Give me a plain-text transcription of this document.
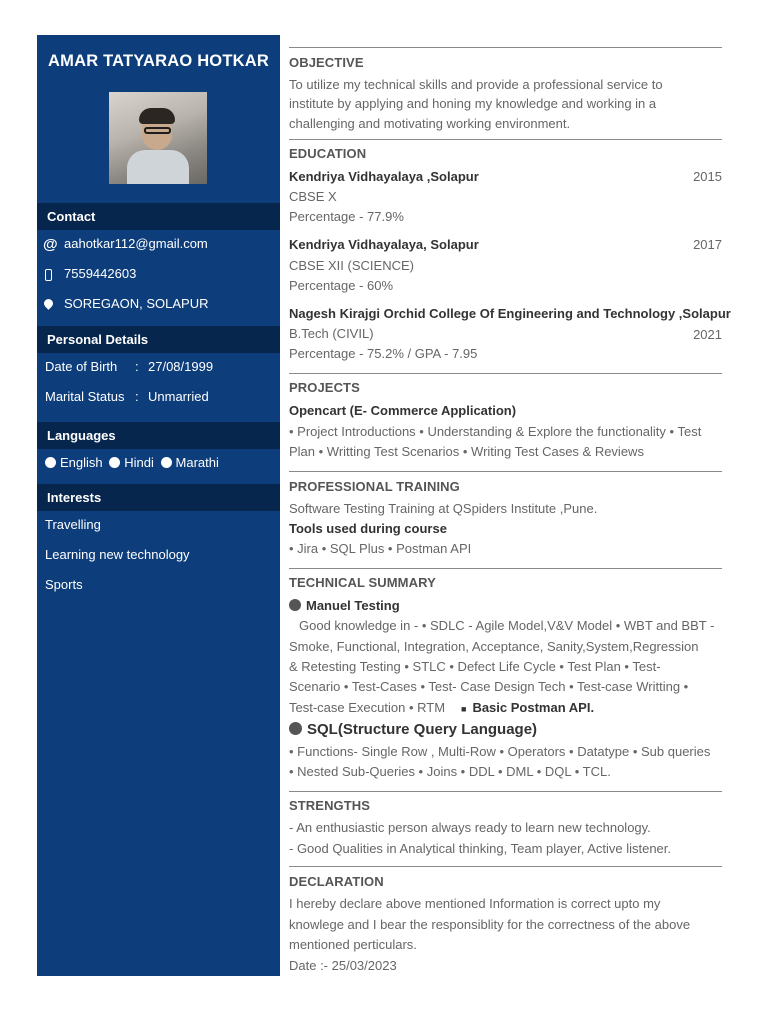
AMAR TATYARAO HOTKAR
Contact
@ aahotkar112@gmail.com
7559442603
SOREGAON, SOLAPUR
Personal Details
Date of Birth : 27/08/1999
Marital Status : Unmarried
Languages
English Hindi Marathi
Interests
Travelling
Learning new technology
Sports
OBJECTIVE
To utilize my technical skills and provide a professional service to
institute by applying and honing my knowledge and working in a
challenging and motivating working environment.
EDUCATION
Kendriya Vidhayalaya ,Solapur	2015
CBSE X
Percentage - 77.9%
Kendriya Vidhayalaya, Solapur	2017
CBSE XII (SCIENCE)
Percentage - 60%
Nagesh Kirajgi Orchid College Of Engineering and Technology ,Solapur
B.Tech (CIVIL)	2021
Percentage - 75.2% / GPA - 7.95
PROJECTS
Opencart (E- Commerce Application)
• Project Introductions • Understanding & Explore the functionality • Test
Plan • Writting Test Scenarios • Writing Test Cases & Reviews
PROFESSIONAL TRAINING
Software Testing Training at QSpiders Institute ,Pune.
Tools used during course
• Jira • SQL Plus • Postman API
TECHNICAL SUMMARY
Manuel Testing
Good knowledge in - • SDLC - Agile Model,V&V Model • WBT and BBT -
Smoke, Functional, Integration, Acceptance, Sanity,System,Regression
& Retesting Testing • STLC • Defect Life Cycle • Test Plan • Test-
Scenario • Test-Cases • Test- Case Design Tech • Test-case Writting •
Test-case Execution • RTM ■ Basic Postman API.
SQL(Structure Query Language)
• Functions- Single Row , Multi-Row • Operators • Datatype • Sub queries
• Nested Sub-Queries • Joins • DDL • DML • DQL • TCL.
STRENGTHS
- An enthusiastic person always ready to learn new technology.
- Good Qualities in Analytical thinking, Team player, Active listener.
DECLARATION
I hereby declare above mentioned Information is correct upto my
knowlege and I bear the responsiblity for the correctness of the above
mentioned perticulars.
Date :- 25/03/2023
